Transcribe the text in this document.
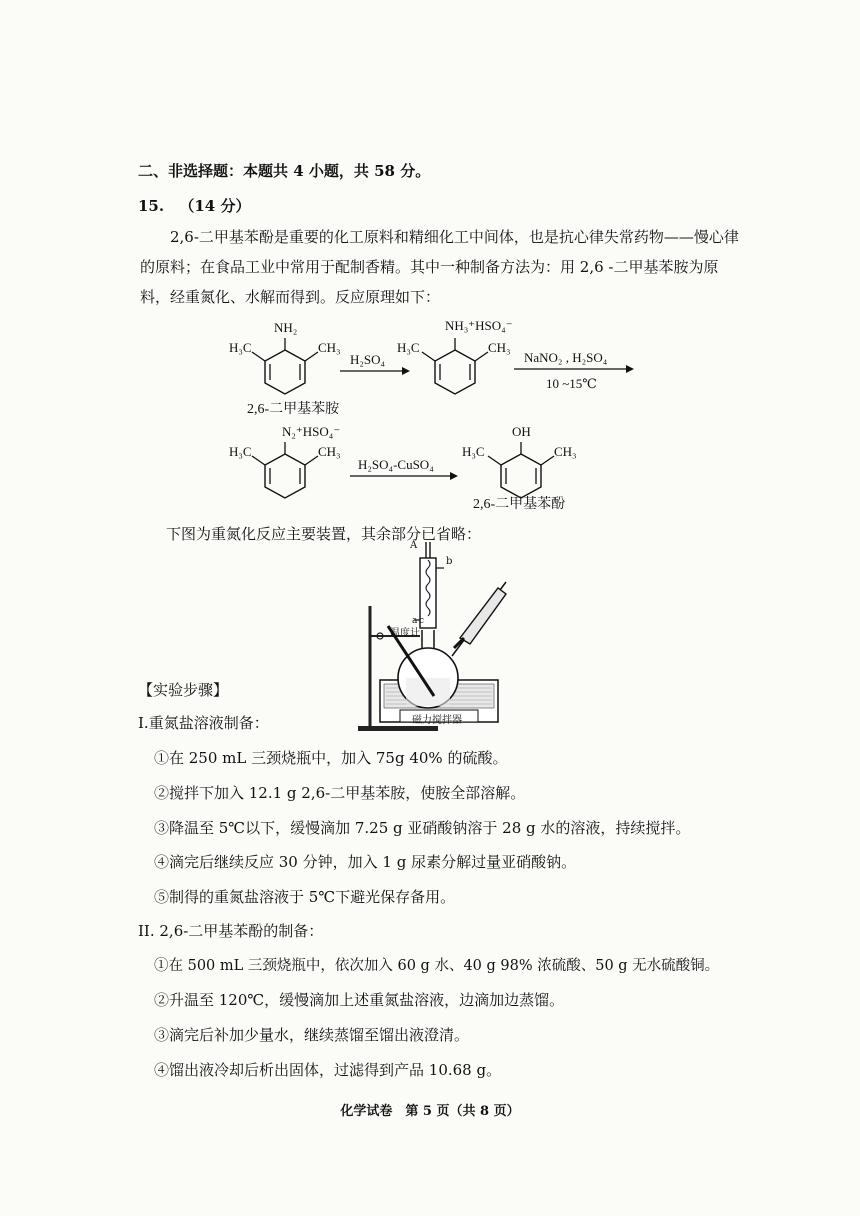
二、非选择题：本题共 4 小题，共 58 分。
15. （14 分）
2,6-二甲基苯酚是重要的化工原料和精细化工中间体，也是抗心律失常药物——慢心律的原料；在食品工业中常用于配制香精。其中一种制备方法为：用 2,6 -二甲基苯胺为原料，经重氮化、水解而得到。反应原理如下：
NH₂
H₃C	CH₃
2,6-二甲基苯胺
H₂SO₄
NH₃⁺HSO₄⁻
H₃C	CH₃
NaNO₂ , H₂SO₄
10 ~15℃
N₂⁺HSO₄⁻
H₃C	CH₃
H₂SO₄-CuSO₄
OH
H₃C	CH₃
2,6-二甲基苯酚
下图为重氮化反应主要装置，其余部分已省略：
A
b
a c
温度计
磁力搅拌器
【实验步骤】
I.重氮盐溶液制备：
①在 250 mL 三颈烧瓶中，加入 75g 40% 的硫酸。
②搅拌下加入 12.1 g 2,6-二甲基苯胺，使胺全部溶解。
③降温至 5℃以下，缓慢滴加 7.25 g 亚硝酸钠溶于 28 g 水的溶液，持续搅拌。
④滴完后继续反应 30 分钟，加入 1 g 尿素分解过量亚硝酸钠。
⑤制得的重氮盐溶液于 5℃下避光保存备用。
II. 2,6-二甲基苯酚的制备：
①在 500 mL 三颈烧瓶中，依次加入 60 g 水、40 g 98% 浓硫酸、50 g 无水硫酸铜。
②升温至 120℃，缓慢滴加上述重氮盐溶液，边滴加边蒸馏。
③滴完后补加少量水，继续蒸馏至馏出液澄清。
④馏出液冷却后析出固体，过滤得到产品 10.68 g。
化学试卷　第 5 页（共 8 页）
